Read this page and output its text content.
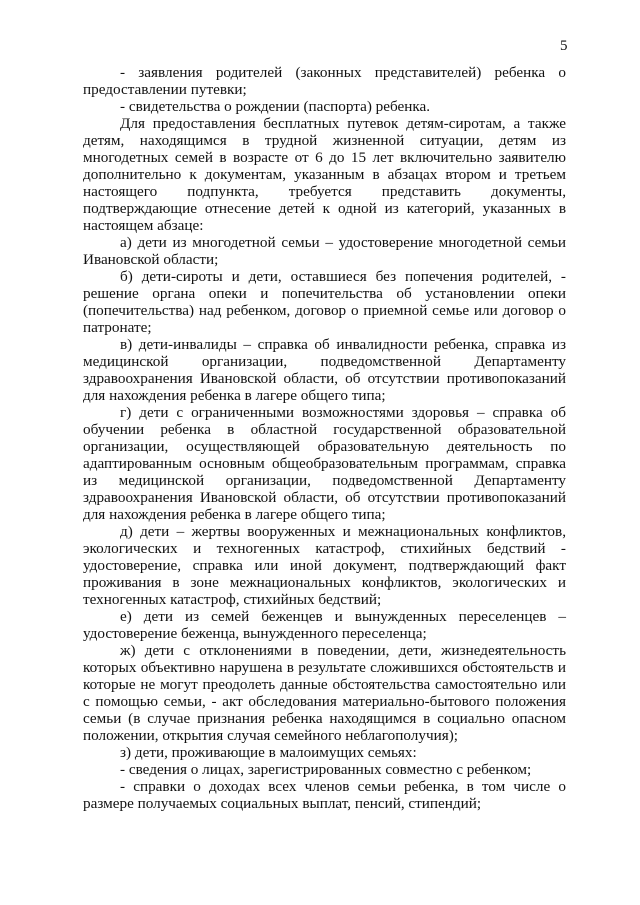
5

- заявления родителей (законных представителей) ребенка о предоставлении путевки;

- свидетельства о рождении (паспорта) ребенка.

Для предоставления бесплатных путевок детям-сиротам, а также детям, находящимся в трудной жизненной ситуации, детям из многодетных семей в возрасте от 6 до 15 лет включительно заявителю дополнительно к документам, указанным в абзацах втором и третьем настоящего подпункта, требуется представить документы, подтверждающие отнесение детей к одной из категорий, указанных в настоящем абзаце:

а) дети из многодетной семьи – удостоверение многодетной семьи Ивановской области;

б) дети-сироты и дети, оставшиеся без попечения родителей, - решение органа опеки и попечительства об установлении опеки (попечительства) над ребенком, договор о приемной семье или договор о патронате;

в) дети-инвалиды – справка об инвалидности ребенка, справка из медицинской организации, подведомственной Департаменту здравоохранения Ивановской области, об отсутствии противопоказаний для нахождения ребенка в лагере общего типа;

г) дети с ограниченными возможностями здоровья – справка об обучении ребенка в областной государственной образовательной организации, осуществляющей образовательную деятельность по адаптированным основным общеобразовательным программам, справка из медицинской организации, подведомственной Департаменту здравоохранения Ивановской области, об отсутствии противопоказаний для нахождения ребенка в лагере общего типа;

д) дети – жертвы вооруженных и межнациональных конфликтов, экологических и техногенных катастроф, стихийных бедствий - удостоверение, справка или иной документ, подтверждающий факт проживания в зоне межнациональных конфликтов, экологических и техногенных катастроф, стихийных бедствий;

е) дети из семей беженцев и вынужденных переселенцев – удостоверение беженца, вынужденного переселенца;

ж) дети с отклонениями в поведении, дети, жизнедеятельность которых объективно нарушена в результате сложившихся обстоятельств и которые не могут преодолеть данные обстоятельства самостоятельно или с помощью семьи, - акт обследования материально-бытового положения семьи (в случае признания ребенка находящимся в социально опасном положении, открытия случая семейного неблагополучия);

з) дети, проживающие в малоимущих семьях:

- сведения о лицах, зарегистрированных совместно с ребенком;

- справки о доходах всех членов семьи ребенка, в том числе о размере получаемых социальных выплат, пенсий, стипендий;
